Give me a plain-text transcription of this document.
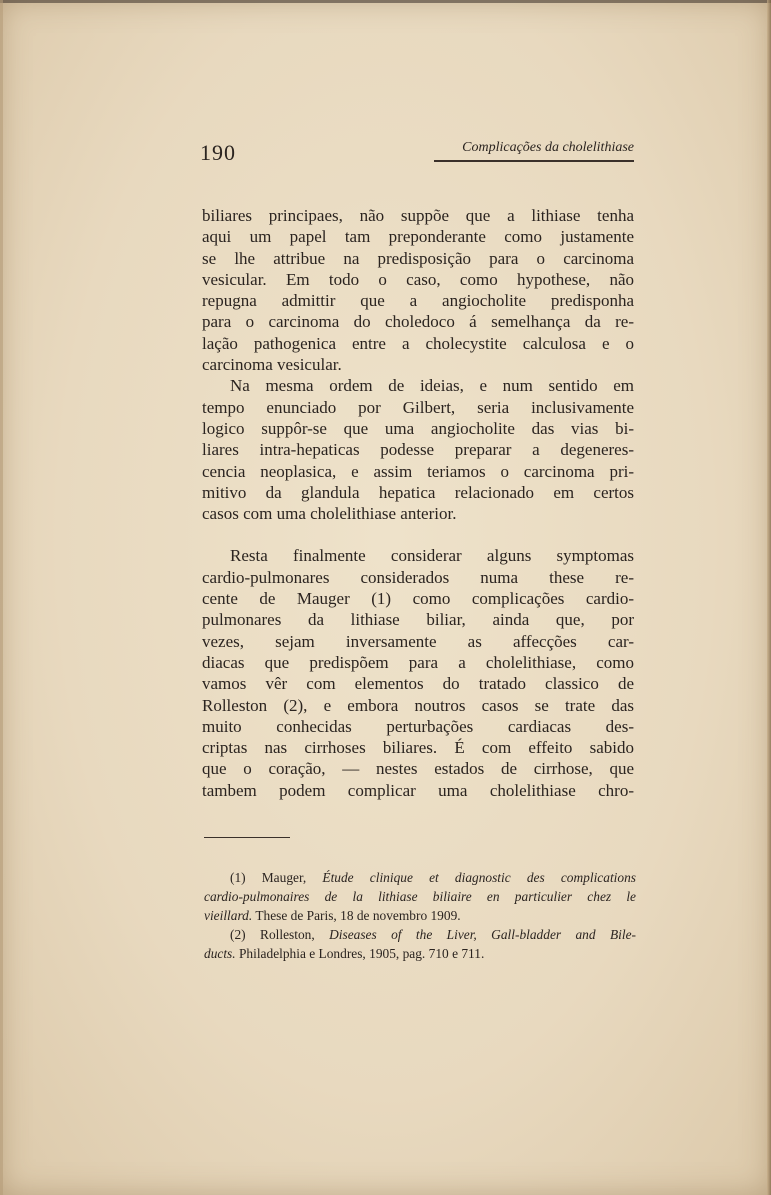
190	Complicações da cholelithiase

biliares principaes, não suppõe que a lithiase tenha
aqui um papel tam preponderante como justamente
se lhe attribue na predisposição para o carcinoma
vesicular. Em todo o caso, como hypothese, não
repugna admittir que a angiocholite predisponha
para o carcinoma do choledoco á semelhança da re-
lação pathogenica entre a cholecystite calculosa e o
carcinoma vesicular.

Na mesma ordem de ideias, e num sentido em
tempo enunciado por Gilbert, seria inclusivamente
logico suppôr-se que uma angiocholite das vias bi-
liares intra-hepaticas podesse preparar a degeneres-
cencia neoplasica, e assim teriamos o carcinoma pri-
mitivo da glandula hepatica relacionado em certos
casos com uma cholelithiase anterior.

Resta finalmente considerar alguns symptomas
cardio-pulmonares considerados numa these re-
cente de Mauger (1) como complicações cardio-
pulmonares da lithiase biliar, ainda que, por
vezes, sejam inversamente as affecções car-
diacas que predispõem para a cholelithiase, como
vamos vêr com elementos do tratado classico de
Rolleston (2), e embora noutros casos se trate das
muito conhecidas perturbações cardiacas des-
criptas nas cirrhoses biliares. É com effeito sabido
que o coração, — nestes estados de cirrhose, que
tambem podem complicar uma cholelithiase chro-

(1) Mauger, Étude clinique et diagnostic des complications
cardio-pulmonaires de la lithiase biliaire en particulier chez le
vieillard. These de Paris, 18 de novembro 1909.

(2) Rolleston, Diseases of the Liver, Gall-bladder and Bile-
ducts. Philadelphia e Londres, 1905, pag. 710 e 711.
